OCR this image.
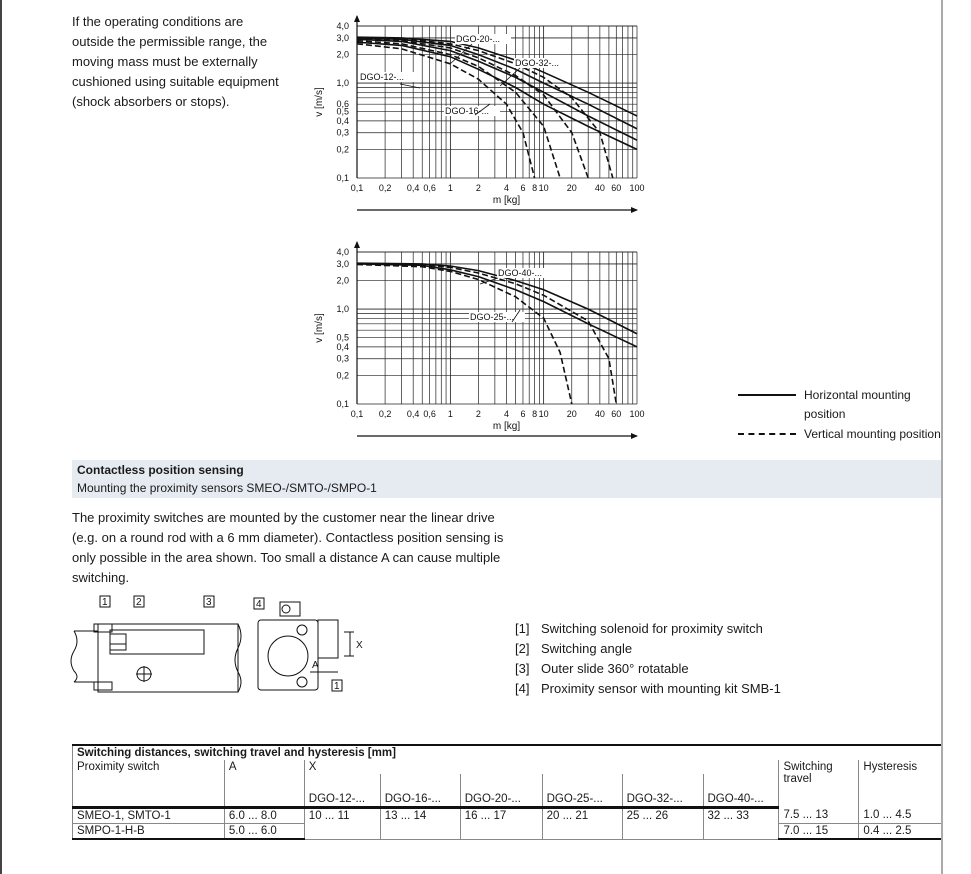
If the operating conditions are outside the permissible range, the moving mass must be externally cushioned using suitable equipment (shock absorbers or stops).
4,0
3,0
2,0
1,0
0,6
0,5
0,4
0,3
0,2
0,1
0,1 0,2 0,4 0,6 1	2	4 6 8 10 20 40 60 100
v [m/s]
m [kg]
DGO-20-...
DGO-32-...
DGO-12-...
DGO-16-...
4,0
3,0
2,0
1,0
0,5
0,4
0,3
0,2
0,1
0,1 0,2 0,4 0,6 1	2	4 6 8 10 20 40 60 100
v [m/s]
m [kg]
DGO-40-...
DGO-25-...
Horizontal mounting position
Vertical mounting position
Contactless position sensing
Mounting the proximity sensors SMEO-/SMTO-/SMPO-1
The proximity switches are mounted by the customer near the linear drive (e.g. on a round rod with a 6 mm diameter). Contactless position sensing is only possible in the area shown. Too small a distance A can cause multiple switching.
1	2	3	4
1
A
X
[1] Switching solenoid for proximity switch
[2] Switching angle
[3] Outer slide 360° rotatable
[4] Proximity sensor with mounting kit SMB-1
Switching distances, switching travel and hysteresis [mm]									
Proximity switch	A	X						Switching travel	Hysteresis
		DGO-12-...	DGO-16-...	DGO-20-...	DGO-25-...	DGO-32-...	DGO-40-...		
SMEO-1, SMTO-1	6.0 ... 8.0	10 ... 11	13 ... 14	16 ... 17	20 ... 21	25 ... 26	32 ... 33	7.5 ... 13	1.0 ... 4.5
SMPO-1-H-B	5.0 ... 6.0							7.0 ... 15	0.4 ... 2.5
